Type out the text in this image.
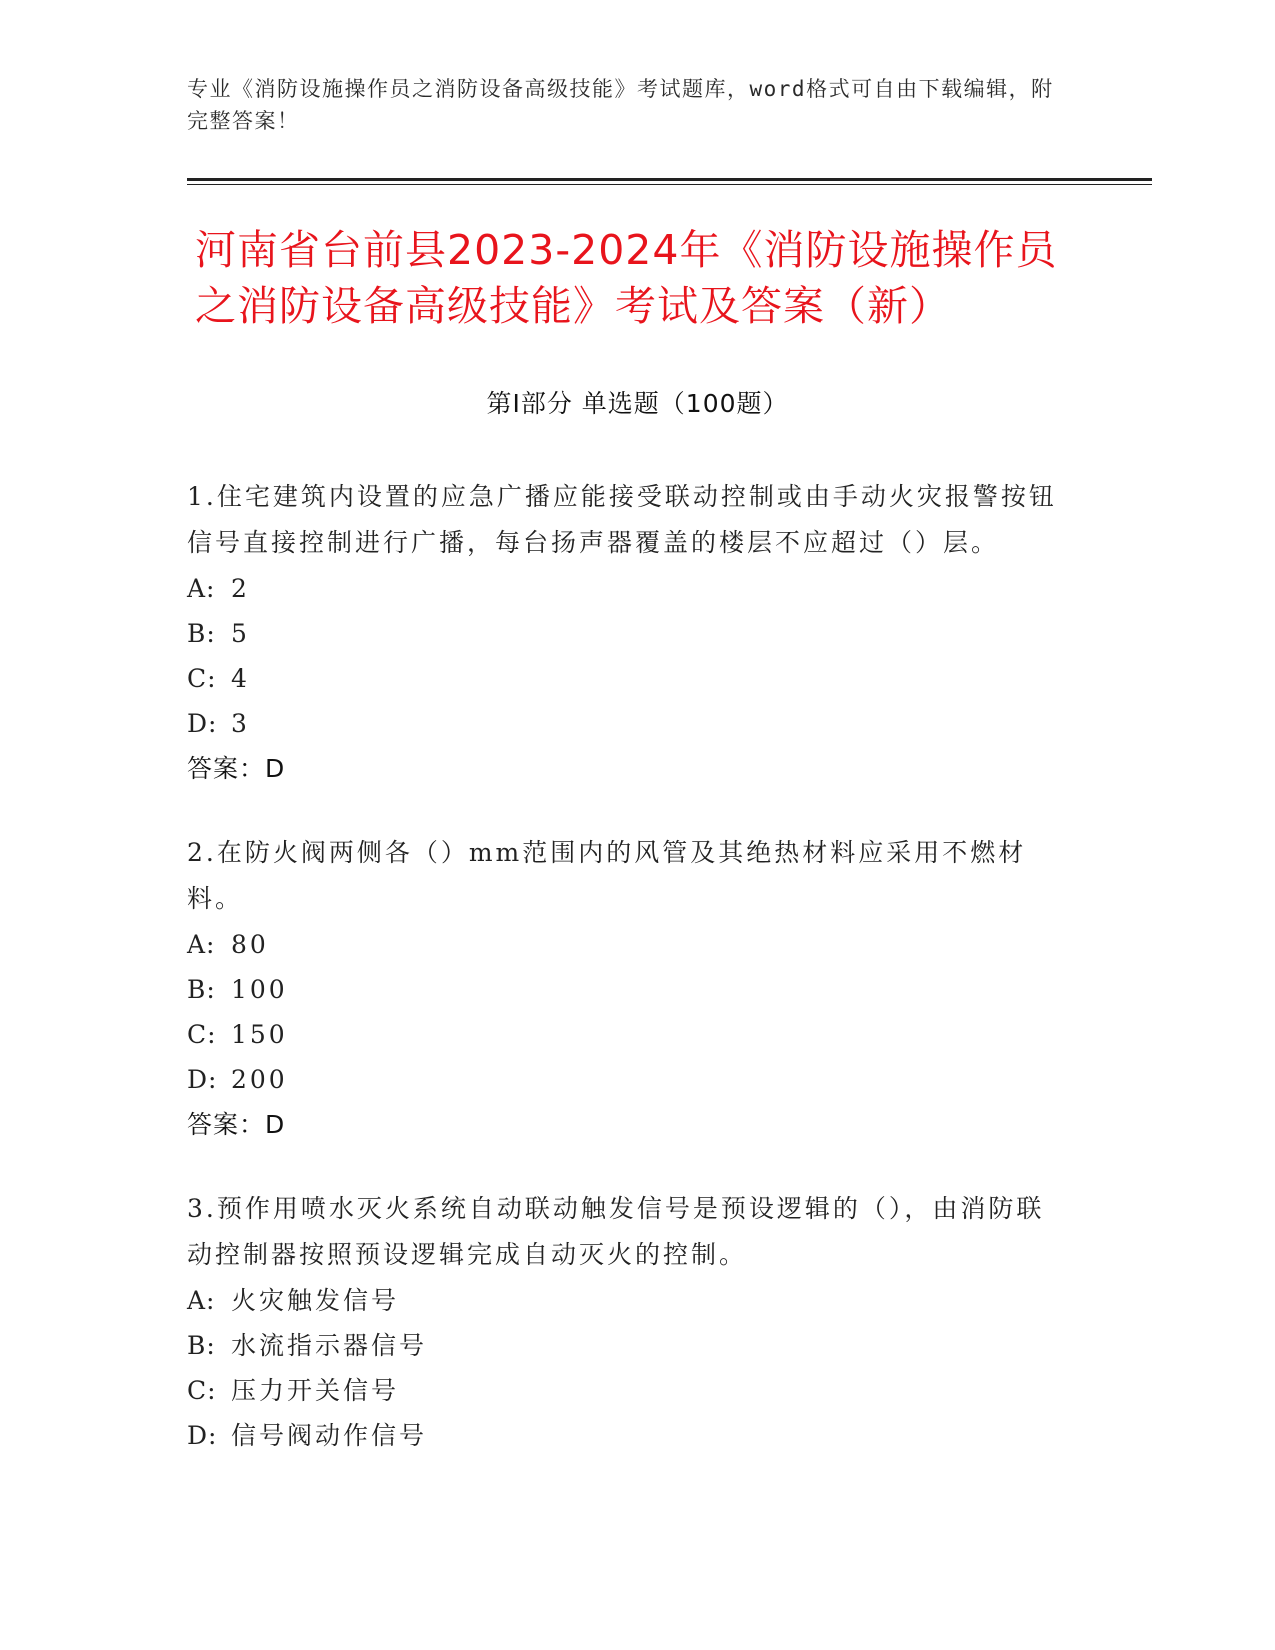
专业《消防设施操作员之消防设备高级技能》考试题库，word格式可自由下载编辑，附完整答案！
河南省台前县2023-2024年《消防设施操作员之消防设备高级技能》考试及答案（新）
第Ⅰ部分 单选题（100题）

1.住宅建筑内设置的应急广播应能接受联动控制或由手动火灾报警按钮信号直接控制进行广播，每台扬声器覆盖的楼层不应超过（）层。

A: 2
B: 5
C: 4
D: 3
答案：D

2.在防火阀两侧各（）mm范围内的风管及其绝热材料应采用不燃材料。

A: 80
B: 100
C: 150
D: 200
答案：D

3.预作用喷水灭火系统自动联动触发信号是预设逻辑的（），由消防联动控制器按照预设逻辑完成自动灭火的控制。

A: 火灾触发信号
B: 水流指示器信号
C: 压力开关信号
D: 信号阀动作信号
